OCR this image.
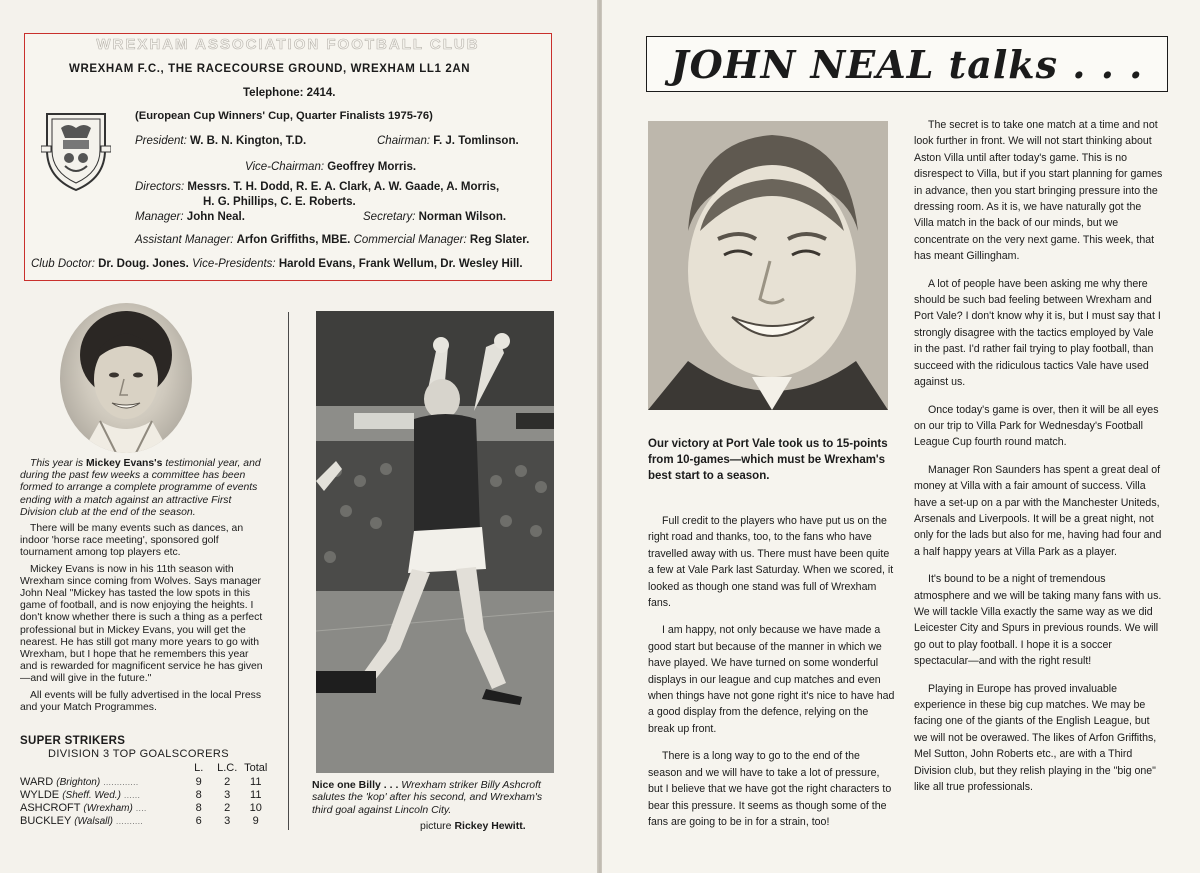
WREXHAM ASSOCIATION FOOTBALL CLUB
WREXHAM F.C., THE RACECOURSE GROUND, WREXHAM LL1 2AN
Telephone: 2414.
(European Cup Winners' Cup, Quarter Finalists 1975-76)
President: W. B. N. Kington, T.D.	Chairman: F. J. Tomlinson.
Vice-Chairman: Geoffrey Morris.
Directors: Messrs. T. H. Dodd, R. E. A. Clark, A. W. Gaade, A. Morris,
H. G. Phillips, C. E. Roberts.
Manager: John Neal.	Secretary: Norman Wilson.
Assistant Manager: Arfon Griffiths, MBE. Commercial Manager: Reg Slater.
Club Doctor: Dr. Doug. Jones. Vice-Presidents: Harold Evans, Frank Wellum, Dr. Wesley Hill.

This year is Mickey Evans's testimonial year, and during the past few weeks a committee has been formed to arrange a complete programme of events ending with a match against an attractive First Division club at the end of the season.

There will be many events such as dances, an indoor 'horse race meeting', sponsored golf tournament among top players etc.

Mickey Evans is now in his 11th season with Wrexham since coming from Wolves. Says manager John Neal "Mickey has tasted the low spots in this game of football, and is now enjoying the heights. I don't know whether there is such a thing as a perfect professional but in Mickey Evans, you will get the nearest. He has still got many more years to go with Wrexham, but I hope that he remembers this year and is rewarded for magnificent service he has given—and will give in the future."

All events will be fully advertised in the local Press and your Match Programmes.

SUPER STRIKERS
DIVISION 3 TOP GOALSCORERS
	L.	L.C.	Total
WARD (Brighton) .............	9	2	11
WYLDE (Sheff. Wed.) ......	8	3	11
ASHCROFT (Wrexham) ....	8	2	10
BUCKLEY (Walsall) ..........	6	3	9
Nice one Billy . . . Wrexham striker Billy Ashcroft salutes the 'kop' after his second, and Wrexham's third goal against Lincoln City.
picture Rickey Hewitt.
JOHN NEAL talks . . .
Our victory at Port Vale took us to 15-points from 10-games—which must be Wrexham's best start to a season.

Full credit to the players who have put us on the right road and thanks, too, to the fans who have travelled away with us. There must have been quite a few at Vale Park last Saturday. When we scored, it looked as though one stand was full of Wrexham fans.

I am happy, not only because we have made a good start but because of the manner in which we have played. We have turned on some wonderful displays in our league and cup matches and even when things have not gone right it's nice to have had a good display from the defence, relying on the break up front.

There is a long way to go to the end of the season and we will have to take a lot of pressure, but I believe that we have got the right characters to bear this pressure. It seems as though some of the fans are going to be in for a strain, too!

The secret is to take one match at a time and not look further in front. We will not start thinking about Aston Villa until after today's game. This is no disrespect to Villa, but if you start planning for games in advance, then you start bringing pressure into the dressing room. As it is, we have naturally got the Villa match in the back of our minds, but we concentrate on the very next game. This week, that has meant Gillingham.

A lot of people have been asking me why there should be such bad feeling between Wrexham and Port Vale? I don't know why it is, but I must say that I strongly disagree with the tactics employed by Vale in the past. I'd rather fail trying to play football, than succeed with the ridiculous tactics Vale have used against us.

Once today's game is over, then it will be all eyes on our trip to Villa Park for Wednesday's Football League Cup fourth round match.

Manager Ron Saunders has spent a great deal of money at Villa with a fair amount of success. Villa have a set-up on a par with the Manchester Uniteds, Arsenals and Liverpools. It will be a great night, not only for the lads but also for me, having had four and a half happy years at Villa Park as a player.

It's bound to be a night of tremendous atmosphere and we will be taking many fans with us. We will tackle Villa exactly the same way as we did Leicester City and Spurs in previous rounds. We will go out to play football. I hope it is a soccer spectacular—and with the right result!

Playing in Europe has proved invaluable experience in these big cup matches. We may be facing one of the giants of the English League, but we will not be overawed. The likes of Arfon Griffiths, Mel Sutton, John Roberts etc., are with a Third Division club, but they relish playing in the "big one" like all true professionals.
